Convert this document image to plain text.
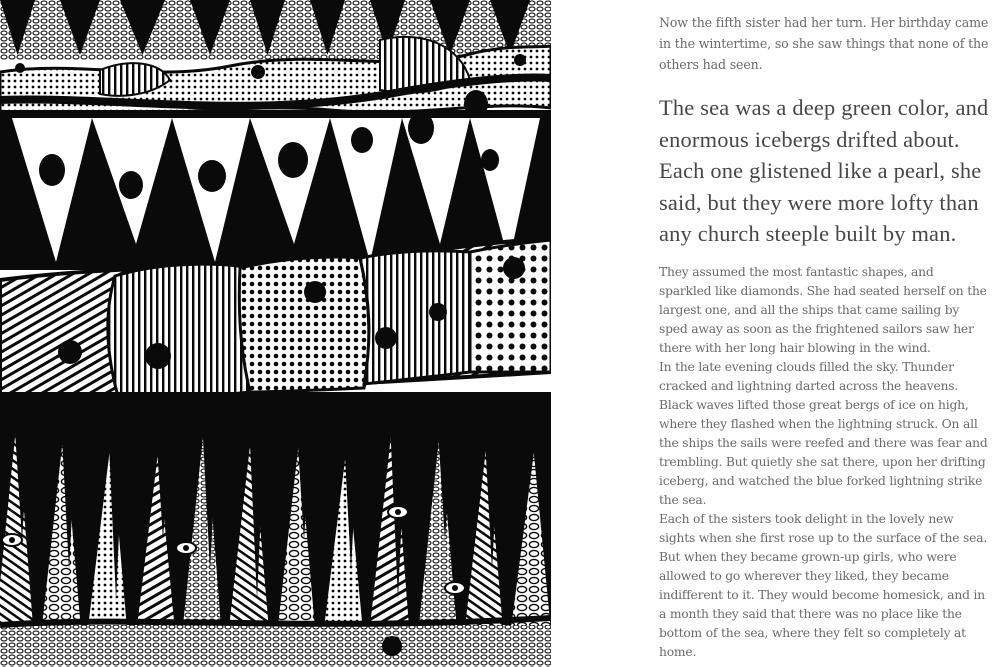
Now the fifth sister had her turn. Her birthday came in the wintertime, so she saw things that none of the others had seen.

The sea was a deep green color, and enormous icebergs drifted about. Each one glistened like a pearl, she said, but they were more lofty than any church steeple built by man.

They assumed the most fantastic shapes, and sparkled like diamonds. She had seated herself on the largest one, and all the ships that came sailing by sped away as soon as the frightened sailors saw her there with her long hair blowing in the wind.

In the late evening clouds filled the sky. Thunder cracked and lightning darted across the heavens. Black waves lifted those great bergs of ice on high, where they flashed when the lightning struck. On all the ships the sails were reefed and there was fear and trembling. But quietly she sat there, upon her drifting iceberg, and watched the blue forked lightning strike the sea.

Each of the sisters took delight in the lovely new sights when she first rose up to the surface of the sea. But when they became grown-up girls, who were allowed to go wherever they liked, they became indifferent to it. They would become homesick, and in a month they said that there was no place like the bottom of the sea, where they felt so completely at home.
